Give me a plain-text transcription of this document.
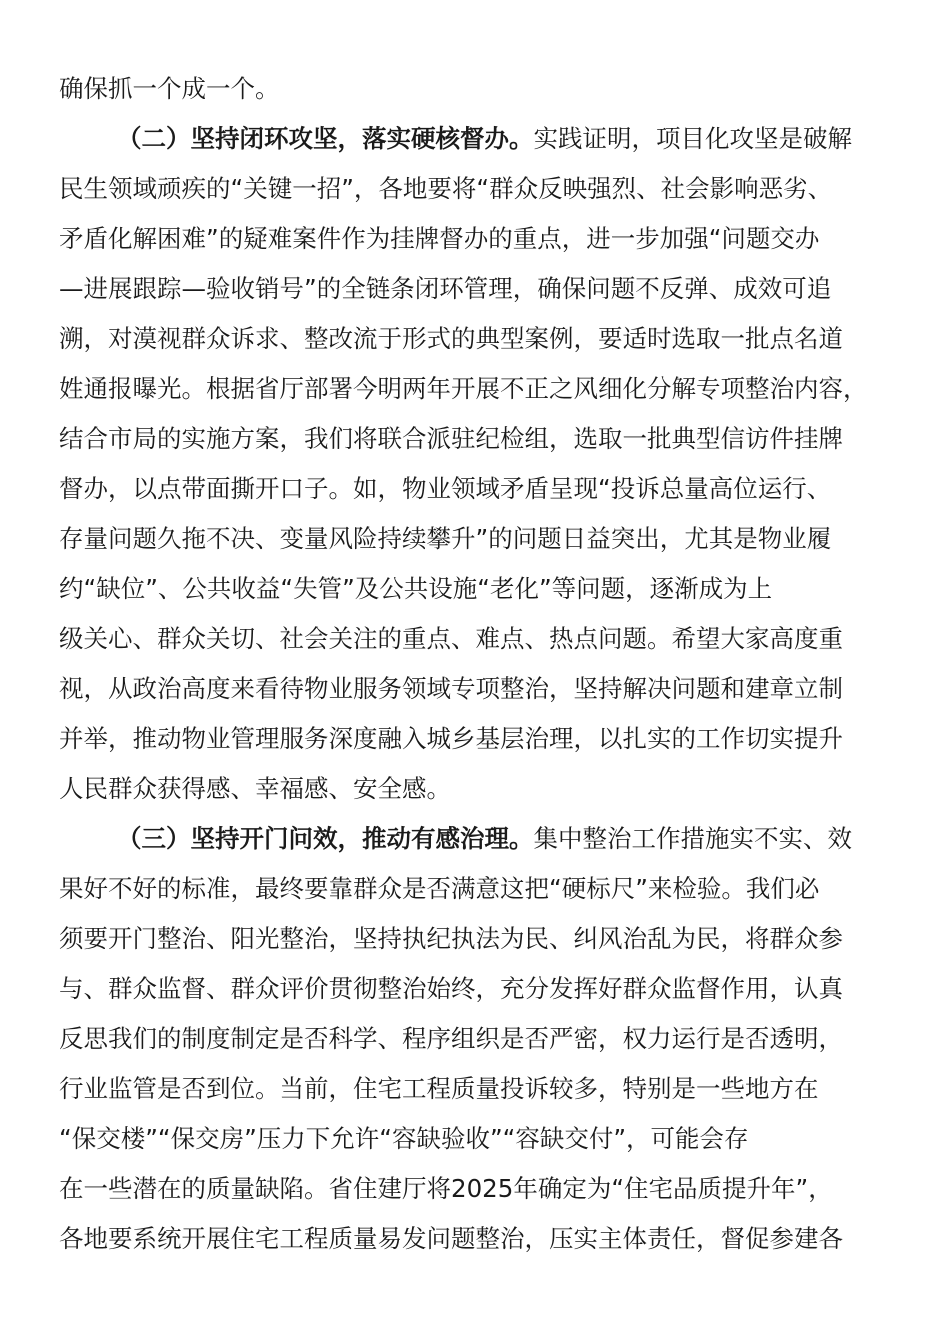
确保抓一个成一个。
（二）坚持闭环攻坚，落实硬核督办。实践证明，项目化攻坚是破解
民生领域顽疾的“关键一招”，各地要将“群众反映强烈、社会影响恶劣、
矛盾化解困难”的疑难案件作为挂牌督办的重点，进一步加强“问题交办
—进展跟踪—验收销号”的全链条闭环管理，确保问题不反弹、成效可追
溯，对漠视群众诉求、整改流于形式的典型案例，要适时选取一批点名道
姓通报曝光。根据省厅部署今明两年开展不正之风细化分解专项整治内容，
结合市局的实施方案，我们将联合派驻纪检组，选取一批典型信访件挂牌
督办，以点带面撕开口子。如，物业领域矛盾呈现“投诉总量高位运行、
存量问题久拖不决、变量风险持续攀升”的问题日益突出，尤其是物业履
约“缺位”、公共收益“失管”及公共设施“老化”等问题，逐渐成为上
级关心、群众关切、社会关注的重点、难点、热点问题。希望大家高度重
视，从政治高度来看待物业服务领域专项整治，坚持解决问题和建章立制
并举，推动物业管理服务深度融入城乡基层治理，以扎实的工作切实提升
人民群众获得感、幸福感、安全感。
（三）坚持开门问效，推动有感治理。集中整治工作措施实不实、效
果好不好的标准，最终要靠群众是否满意这把“硬标尺”来检验。我们必
须要开门整治、阳光整治，坚持执纪执法为民、纠风治乱为民，将群众参
与、群众监督、群众评价贯彻整治始终，充分发挥好群众监督作用，认真
反思我们的制度制定是否科学、程序组织是否严密，权力运行是否透明，
行业监管是否到位。当前，住宅工程质量投诉较多，特别是一些地方在
“保交楼”“保交房”压力下允许“容缺验收”“容缺交付”，可能会存
在一些潜在的质量缺陷。省住建厅将2025年确定为“住宅品质提升年”，
各地要系统开展住宅工程质量易发问题整治，压实主体责任，督促参建各
